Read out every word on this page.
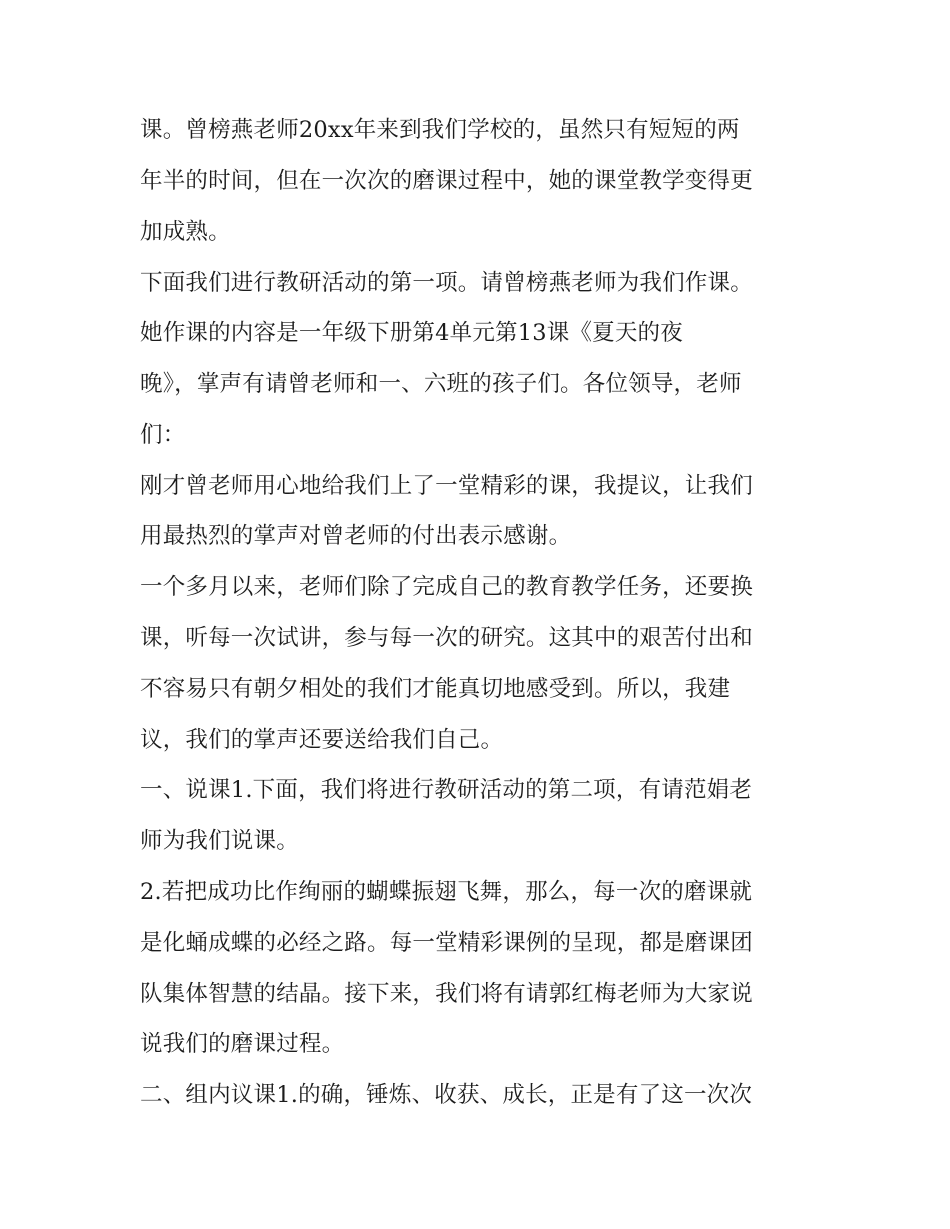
课。曾榜燕老师20xx年来到我们学校的，虽然只有短短的两
年半的时间，但在一次次的磨课过程中，她的课堂教学变得更
加成熟。
下面我们进行教研活动的第一项。请曾榜燕老师为我们作课。
她作课的内容是一年级下册第4单元第13课《夏天的夜
晚》，掌声有请曾老师和一、六班的孩子们。各位领导，老师
们：
刚才曾老师用心地给我们上了一堂精彩的课，我提议，让我们
用最热烈的掌声对曾老师的付出表示感谢。
一个多月以来，老师们除了完成自己的教育教学任务，还要换
课，听每一次试讲，参与每一次的研究。这其中的艰苦付出和
不容易只有朝夕相处的我们才能真切地感受到。所以，我建
议，我们的掌声还要送给我们自己。
一、说课1.下面，我们将进行教研活动的第二项，有请范娟老
师为我们说课。
2.若把成功比作绚丽的蝴蝶振翅飞舞，那么，每一次的磨课就
是化蛹成蝶的必经之路。每一堂精彩课例的呈现，都是磨课团
队集体智慧的结晶。接下来，我们将有请郭红梅老师为大家说
说我们的磨课过程。
二、组内议课1.的确，锤炼、收获、成长，正是有了这一次次
